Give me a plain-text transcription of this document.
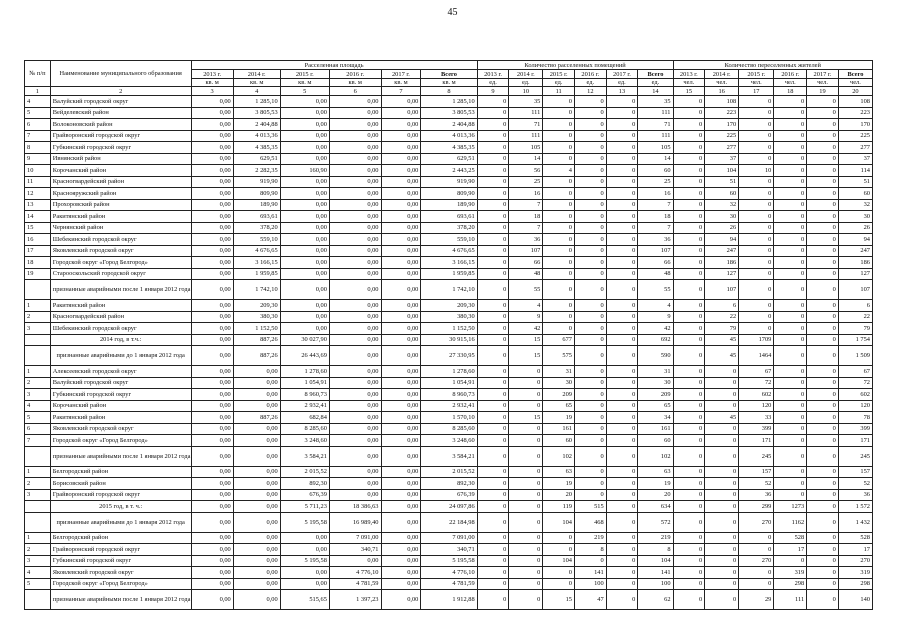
45
№ п/п	Наименование муниципального образования	Расселенная площадь						Количество расселенных помещений						Количество переселенных жителей					
		2013 г.	2014 г.	2015 г.	2016 г.	2017 г.	Всего	2013 г.	2014 г.	2015 г.	2016 г.	2017 г.	Всего	2013 г.	2014 г.	2015 г.	2016 г.	2017 г.	Всего
		кв. м	кв. м	кв. м	кв. м	кв. м	кв. м	ед.	ед.	ед.	ед.	ед.	ед.	чел.	чел.	чел.	чел.	чел.	чел.
1	2	3	4	5	6	7	8	9	10	11	12	13	14	15	16	17	18	19	20
4	Валуйский городской округ	0,00	1 285,10	0,00	0,00	0,00	1 285,10	0	35	0	0	0	35	0	108	0	0	0	108
5	Вейделевский район	0,00	3 805,53	0,00	0,00	0,00	3 805,53	0	111	0	0	0	111	0	223	0	0	0	223
6	Волоконовский район	0,00	2 404,88	0,00	0,00	0,00	2 404,88	0	71	0	0	0	71	0	170	0	0	0	170
7	Грайворонский городской округ	0,00	4 013,36	0,00	0,00	0,00	4 013,36	0	111	0	0	0	111	0	225	0	0	0	225
8	Губкинский городской округ	0,00	4 385,35	0,00	0,00	0,00	4 385,35	0	105	0	0	0	105	0	277	0	0	0	277
9	Ивнянский район	0,00	629,51	0,00	0,00	0,00	629,51	0	14	0	0	0	14	0	37	0	0	0	37
10	Корочанский район	0,00	2 282,35	160,90	0,00	0,00	2 443,25	0	56	4	0	0	60	0	104	10	0	0	114
11	Красногвардейский район	0,00	919,90	0,00	0,00	0,00	919,90	0	25	0	0	0	25	0	51	0	0	0	51
12	Краснояружский район	0,00	809,90	0,00	0,00	0,00	809,90	0	16	0	0	0	16	0	60	0	0	0	60
13	Прохоровский район	0,00	189,90	0,00	0,00	0,00	189,90	0	7	0	0	0	7	0	32	0	0	0	32
14	Ракитянский район	0,00	693,61	0,00	0,00	0,00	693,61	0	18	0	0	0	18	0	30	0	0	0	30
15	Чернянский район	0,00	378,20	0,00	0,00	0,00	378,20	0	7	0	0	0	7	0	26	0	0	0	26
16	Шебекинский городской округ	0,00	559,10	0,00	0,00	0,00	559,10	0	36	0	0	0	36	0	94	0	0	0	94
17	Яковлевский городской округ	0,00	4 676,65	0,00	0,00	0,00	4 676,65	0	107	0	0	0	107	0	247	0	0	0	247
18	Городской округ «Город Белгород»	0,00	3 166,15	0,00	0,00	0,00	3 166,15	0	66	0	0	0	66	0	186	0	0	0	186
19	Старооскольский городской округ	0,00	1 959,85	0,00	0,00	0,00	1 959,85	0	48	0	0	0	48	0	127	0	0	0	127
	признанные аварийными после 1 января 2012 года	0,00	1 742,10	0,00	0,00	0,00	1 742,10	0	55	0	0	0	55	0	107	0	0	0	107
1	Ракитянский район	0,00	209,30	0,00	0,00	0,00	209,30	0	4	0	0	0	4	0	6	0	0	0	6
2	Красногвардейский район	0,00	380,30	0,00	0,00	0,00	380,30	0	9	0	0	0	9	0	22	0	0	0	22
3	Шебекинский городской округ	0,00	1 152,50	0,00	0,00	0,00	1 152,50	0	42	0	0	0	42	0	79	0	0	0	79
	2014 год, в т.ч.:	0,00	887,26	30 027,90	0,00	0,00	30 915,16	0	15	677	0	0	692	0	45	1709	0	0	1 754
	признанные аварийными до 1 января 2012 года	0,00	887,26	26 443,69	0,00	0,00	27 330,95	0	15	575	0	0	590	0	45	1464	0	0	1 509
1	Алексеевский городской округ	0,00	0,00	1 278,60	0,00	0,00	1 278,60	0	0	31	0	0	31	0	0	67	0	0	67
2	Валуйский городской округ	0,00	0,00	1 054,91	0,00	0,00	1 054,91	0	0	30	0	0	30	0	0	72	0	0	72
3	Губкинский городской округ	0,00	0,00	8 960,73	0,00	0,00	8 960,73	0	0	209	0	0	209	0	0	602	0	0	602
4	Корочанский район	0,00	0,00	2 932,41	0,00	0,00	2 932,41	0	0	65	0	0	65	0	0	120	0	0	120
5	Ракитянский район	0,00	887,26	682,84	0,00	0,00	1 570,10	0	15	19	0	0	34	0	45	33	0	0	78
6	Яковлевский городской округ	0,00	0,00	8 285,60	0,00	0,00	8 285,60	0	0	161	0	0	161	0	0	399	0	0	399
7	Городской округ «Город Белгород»	0,00	0,00	3 248,60	0,00	0,00	3 248,60	0	0	60	0	0	60	0	0	171	0	0	171
	признанные аварийными после 1 января 2012 года	0,00	0,00	3 584,21	0,00	0,00	3 584,21	0	0	102	0	0	102	0	0	245	0	0	245
1	Белгородский район	0,00	0,00	2 015,52	0,00	0,00	2 015,52	0	0	63	0	0	63	0	0	157	0	0	157
2	Борисовский район	0,00	0,00	892,30	0,00	0,00	892,30	0	0	19	0	0	19	0	0	52	0	0	52
3	Грайворонский городской округ	0,00	0,00	676,39	0,00	0,00	676,39	0	0	20	0	0	20	0	0	36	0	0	36
	2015 год, в т. ч.:	0,00	0,00	5 711,23	18 386,63	0,00	24 097,86	0	0	119	515	0	634	0	0	299	1273	0	1 572
	признанные аварийными до 1 января 2012 года	0,00	0,00	5 195,58	16 989,40	0,00	22 184,98	0	0	104	468	0	572	0	0	270	1162	0	1 432
1	Белгородский район	0,00	0,00	0,00	7 091,00	0,00	7 091,00	0	0	0	219	0	219	0	0	0	528	0	528
2	Грайворонский городской округ	0,00	0,00	0,00	340,71	0,00	340,71	0	0	0	8	0	8	0	0	0	17	0	17
3	Губкинский городской округ	0,00	0,00	5 195,58	0,00	0,00	5 195,58	0	0	104	0	0	104	0	0	270	0	0	270
4	Яковлевский городской округ	0,00	0,00	0,00	4 776,10	0,00	4 776,10	0	0	0	141	0	141	0	0	0	319	0	319
5	Городской округ «Город Белгород»	0,00	0,00	0,00	4 781,59	0,00	4 781,59	0	0	0	100	0	100	0	0	0	298	0	298
	признанные аварийными после 1 января 2012 года	0,00	0,00	515,65	1 397,23	0,00	1 912,88	0	0	15	47	0	62	0	0	29	111	0	140
